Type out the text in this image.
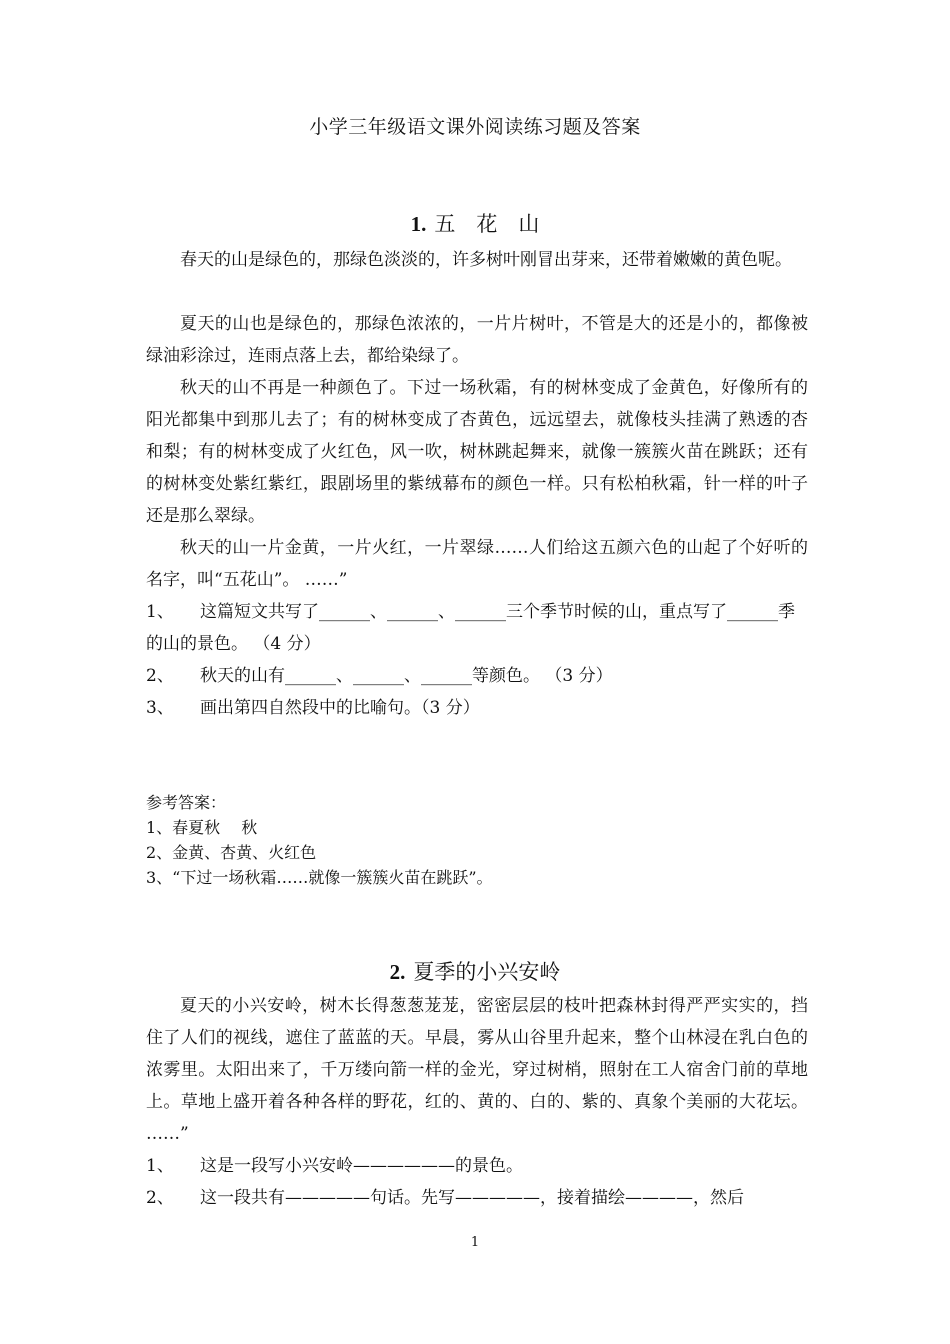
小学三年级语文课外阅读练习题及答案
1. 五　花　山
春天的山是绿色的，那绿色淡淡的，许多树叶刚冒出芽来，还带着嫩嫩的黄色呢。
夏天的山也是绿色的，那绿色浓浓的，一片片树叶，不管是大的还是小的，都像被绿油彩涂过，连雨点落上去，都给染绿了。
秋天的山不再是一种颜色了。下过一场秋霜，有的树林变成了金黄色，好像所有的阳光都集中到那儿去了；有的树林变成了杏黄色，远远望去，就像枝头挂满了熟透的杏和梨；有的树林变成了火红色，风一吹，树林跳起舞来，就像一簇簇火苗在跳跃；还有的树林变处紫红紫红，跟剧场里的紫绒幕布的颜色一样。只有松柏秋霜，针一样的叶子还是那么翠绿。
秋天的山一片金黄，一片火红，一片翠绿……人们给这五颜六色的山起了个好听的名字，叫“五花山”。 ……”
1、 这篇短文共写了______、______、______三个季节时候的山，重点写了______季的山的景色。 （4 分）
2、 秋天的山有______、______、______等颜色。 （3 分）
3、 画出第四自然段中的比喻句。（3 分）
参考答案：
1、春夏秋　 秋
2、金黄、杏黄、火红色
3、“下过一场秋霜……就像一簇簇火苗在跳跃”。
2. 夏季的小兴安岭
夏天的小兴安岭，树木长得葱葱茏茏，密密层层的枝叶把森林封得严严实实的，挡住了人们的视线，遮住了蓝蓝的天。早晨，雾从山谷里升起来，整个山林浸在乳白色的浓雾里。太阳出来了，千万缕向箭一样的金光，穿过树梢，照射在工人宿舍门前的草地上。草地上盛开着各种各样的野花，红的、黄的、白的、紫的、真象个美丽的大花坛。 ……”
1、 这是一段写小兴安岭——————的景色。
2、 这一段共有—————句话。先写—————，接着描绘————，然后
1
